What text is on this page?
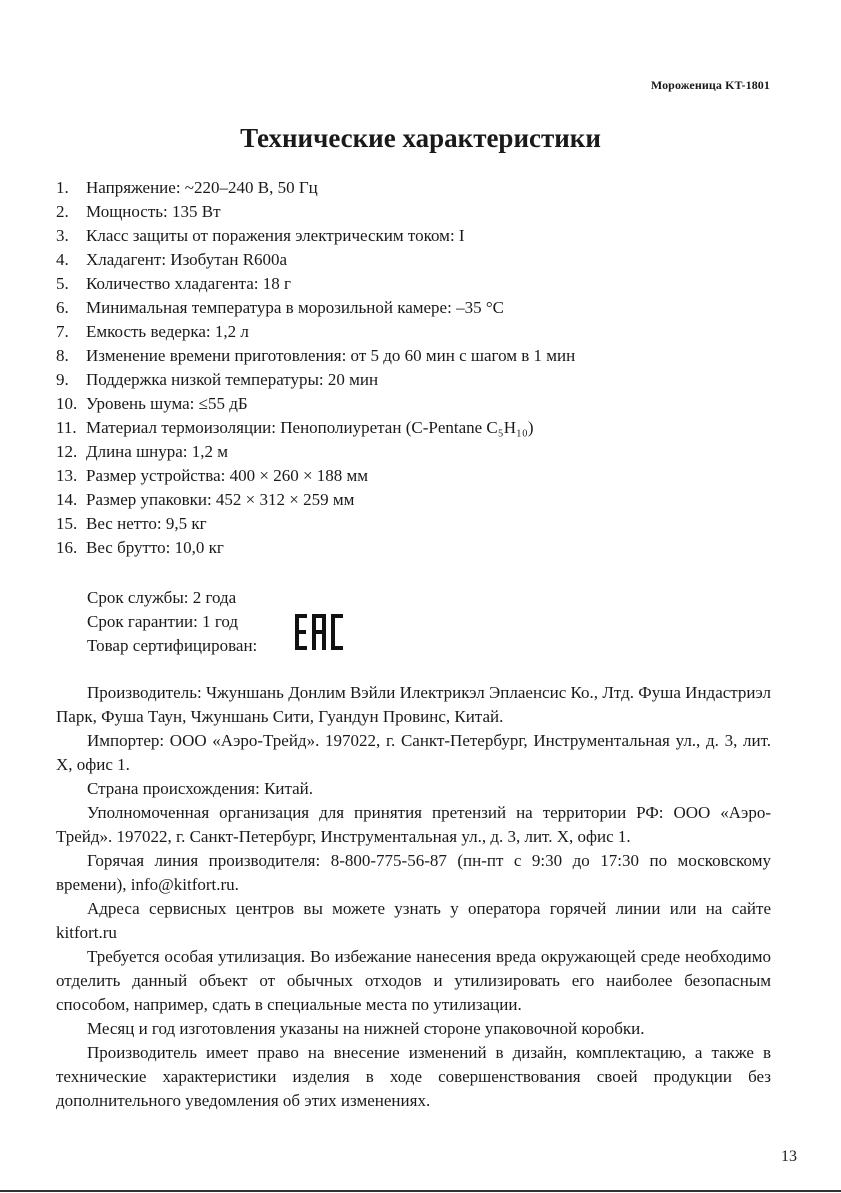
Мороженица KT-1801
Технические характеристики
1.	Напряжение: ~220–240 В, 50 Гц
2.	Мощность: 135 Вт
3.	Класс защиты от поражения электрическим током: I
4.	Хладагент: Изобутан R600a
5.	Количество хладагента: 18 г
6.	Минимальная температура в морозильной камере: –35 °C
7.	Емкость ведерка: 1,2 л
8.	Изменение времени приготовления: от 5 до 60 мин с шагом в 1 мин
9.	Поддержка низкой температуры: 20 мин
10. Уровень шума: ≤55 дБ
11. Материал термоизоляции: Пенополиуретан (C-Pentane C₅H₁₀)
12. Длина шнура: 1,2 м
13. Размер устройства: 400 × 260 × 188 мм
14. Размер упаковки: 452 × 312 × 259 мм
15. Вес нетто: 9,5 кг
16. Вес брутто: 10,0 кг
Срок службы: 2 года
Срок гарантии: 1 год
Товар сертифицирован:

Производитель: Чжуншань Донлим Вэйли Илектрикэл Эплаенсис Ко., Лтд. Фуша Индастриэл Парк, Фуша Таун, Чжуншань Сити, Гуандун Провинс, Китай.

Импортер: ООО «Аэро-Трейд». 197022, г. Санкт-Петербург, Инструментальная ул., д. 3, лит. Х, офис 1.

Страна происхождения: Китай.

Уполномоченная организация для принятия претензий на территории РФ: ООО «Аэро-Трейд». 197022, г. Санкт-Петербург, Инструментальная ул., д. 3, лит. Х, офис 1.

Горячая линия производителя: 8-800-775-56-87 (пн-пт с 9:30 до 17:30 по московскому времени), info@kitfort.ru.

Адреса сервисных центров вы можете узнать у оператора горячей линии или на сайте kitfort.ru

Требуется особая утилизация. Во избежание нанесения вреда окружающей среде необходимо отделить данный объект от обычных отходов и утилизировать его наиболее безопасным способом, например, сдать в специальные места по утилизации.

Месяц и год изготовления указаны на нижней стороне упаковочной коробки.

Производитель имеет право на внесение изменений в дизайн, комплектацию, а также в технические характеристики изделия в ходе совершенствования своей продукции без дополнительного уведомления об этих изменениях.

13
